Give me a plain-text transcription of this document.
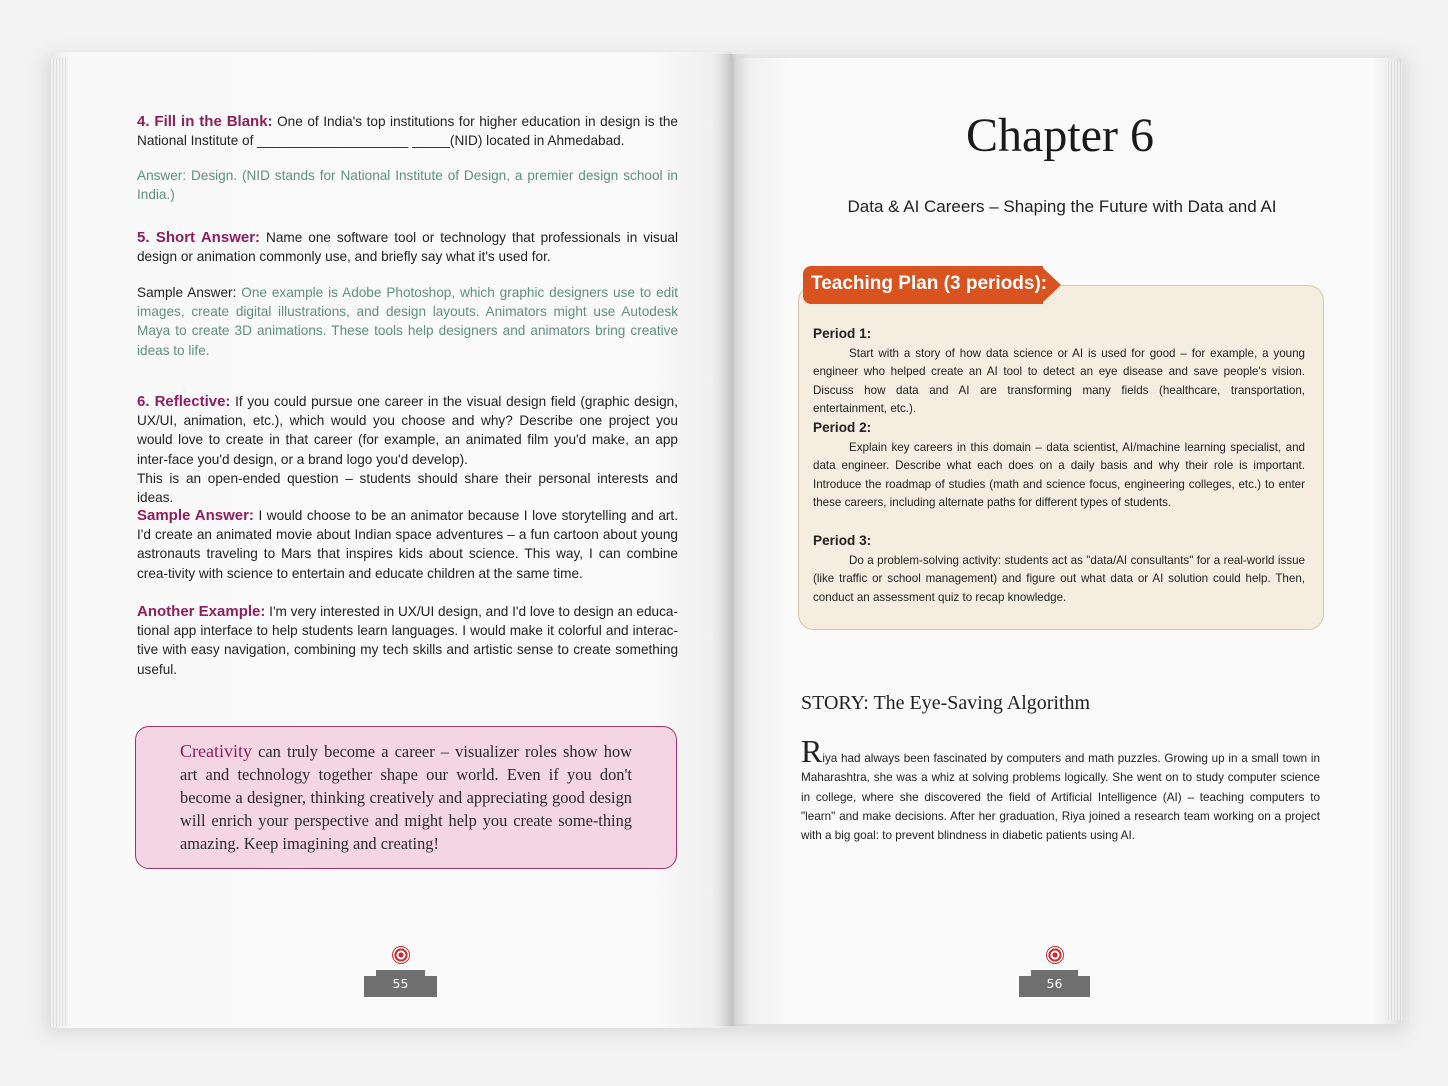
4. Fill in the Blank: One of India's top institutions for higher education in design is the National Institute of ____________________ _____(NID) located in Ahmedabad.
Answer: Design. (NID stands for National Institute of Design, a premier design school in India.)
5. Short Answer: Name one software tool or technology that professionals in visual design or animation commonly use, and briefly say what it's used for.
Sample Answer: One example is Adobe Photoshop, which graphic designers use to edit images, create digital illustrations, and design layouts. Animators might use Autodesk Maya to create 3D animations. These tools help designers and animators bring creative ideas to life.
6. Reflective: If you could pursue one career in the visual design field (graphic design, UX/UI, animation, etc.), which would you choose and why? Describe one project you would love to create in that career (for example, an animated film you'd make, an app inter-face you'd design, or a brand logo you'd develop).
This is an open-ended question – students should share their personal interests and ideas.
Sample Answer: I would choose to be an animator because I love storytelling and art. I'd create an animated movie about Indian space adventures – a fun cartoon about young astronauts traveling to Mars that inspires kids about science. This way, I can combine crea-tivity with science to entertain and educate children at the same time.
Another Example: I'm very interested in UX/UI design, and I'd love to design an educa-tional app interface to help students learn languages. I would make it colorful and interac-tive with easy navigation, combining my tech skills and artistic sense to create something useful.
Creativity can truly become a career – visualizer roles show how art and technology together shape our world. Even if you don't become a designer, thinking creatively and appreciating good design will enrich your perspective and might help you create some-thing amazing. Keep imagining and creating!
55
Chapter 6
Data & AI Careers – Shaping the Future with Data and AI
Teaching Plan (3 periods):
Period 1:
Start with a story of how data science or AI is used for good – for example, a young engineer who helped create an AI tool to detect an eye disease and save people's vision. Discuss how data and AI are transforming many fields (healthcare, transportation, entertainment, etc.).
Period 2:
Explain key careers in this domain – data scientist, AI/machine learning specialist, and data engineer. Describe what each does on a daily basis and why their role is important. Introduce the roadmap of studies (math and science focus, engineering colleges, etc.) to enter these careers, including alternate paths for different types of students.
Period 3:
Do a problem-solving activity: students act as "data/AI consultants" for a real-world issue (like traffic or school management) and figure out what data or AI solution could help. Then, conduct an assessment quiz to recap knowledge.
STORY: The Eye-Saving Algorithm
Riya had always been fascinated by computers and math puzzles. Growing up in a small town in Maharashtra, she was a whiz at solving problems logically. She went on to study computer science in college, where she discovered the field of Artificial Intelligence (AI) – teaching computers to "learn" and make decisions. After her graduation, Riya joined a research team working on a project with a big goal: to prevent blindness in diabetic patients using AI.
56
